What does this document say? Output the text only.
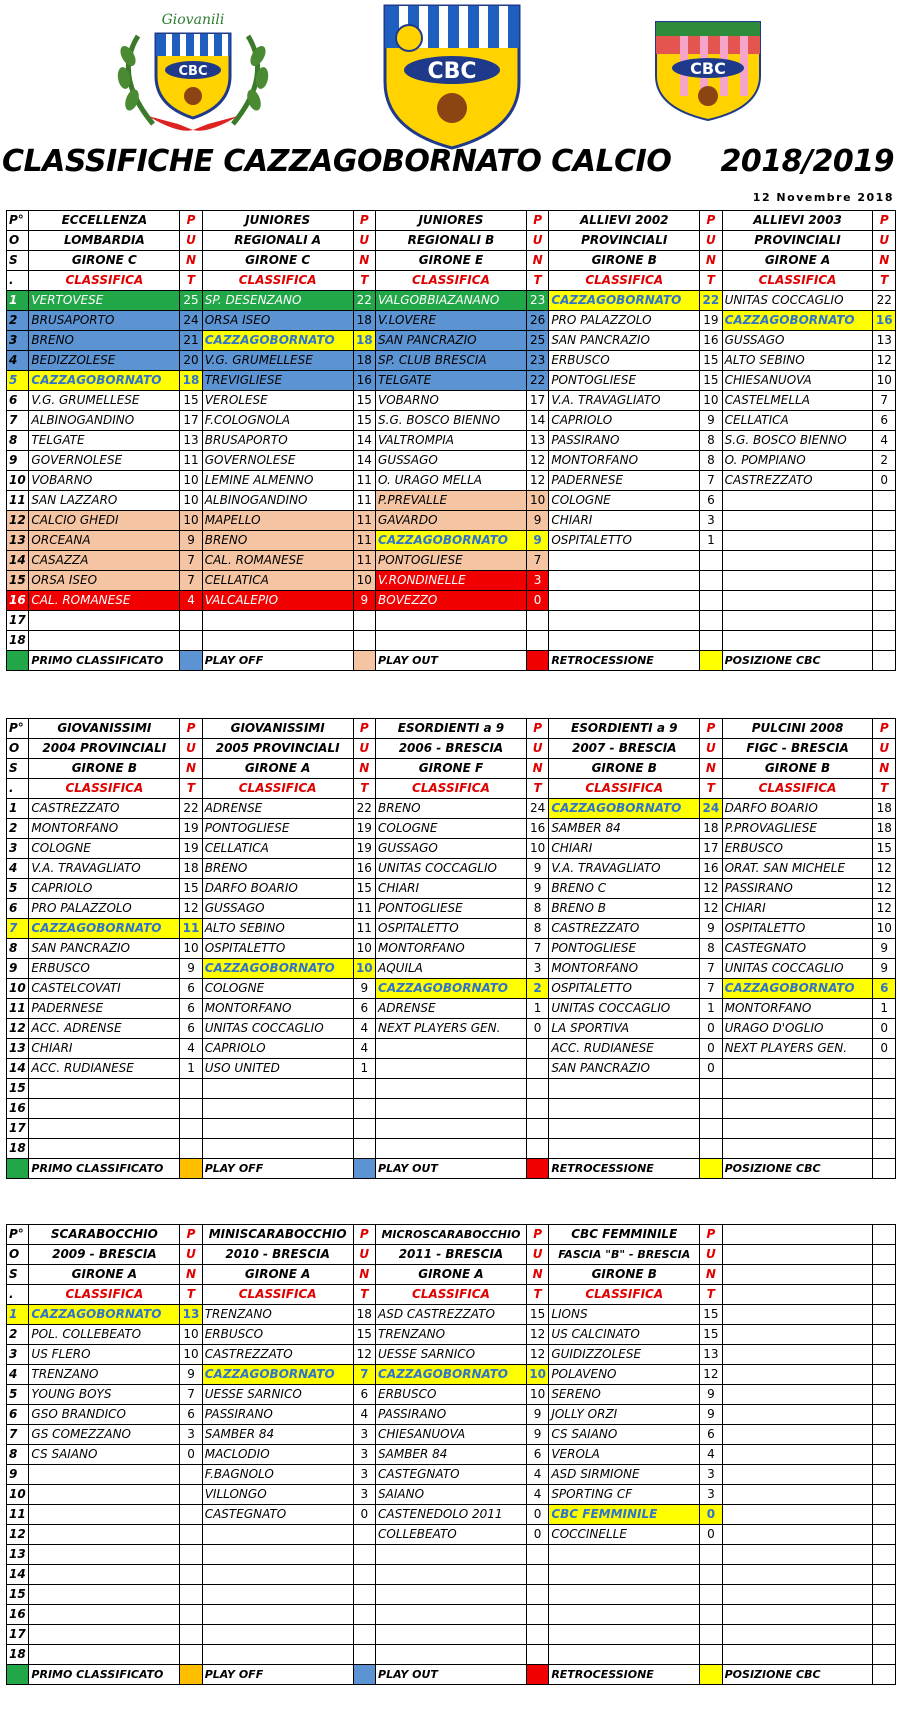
CBC
Giovanili
CBC	CBC
CLASSIFICHE CAZZAGOBORNATO CALCIO 2018/2019
12 Novembre 2018
P°	ECCELLENZA	P	JUNIORES	P	JUNIORES	P	ALLIEVI 2002	P	ALLIEVI 2003	P
O	LOMBARDIA	U	REGIONALI A	U	REGIONALI B	U	PROVINCIALI	U	PROVINCIALI	U
S	GIRONE C	N	GIRONE C	N	GIRONE E	N	GIRONE B	N	GIRONE A	N
.	CLASSIFICA	T	CLASSIFICA	T	CLASSIFICA	T	CLASSIFICA	T	CLASSIFICA	T
1	VERTOVESE	25	SP. DESENZANO	22	VALGOBBIAZANANO	23	CAZZAGOBORNATO	22	UNITAS COCCAGLIO	22
2	BRUSAPORTO	24	ORSA ISEO	18	V.LOVERE	26	PRO PALAZZOLO	19	CAZZAGOBORNATO	16
3	BRENO	21	CAZZAGOBORNATO	18	SAN PANCRAZIO	25	SAN PANCRAZIO	16	GUSSAGO	13
4	BEDIZZOLESE	20	V.G. GRUMELLESE	18	SP. CLUB BRESCIA	23	ERBUSCO	15	ALTO SEBINO	12
5	CAZZAGOBORNATO	18	TREVIGLIESE	16	TELGATE	22	PONTOGLIESE	15	CHIESANUOVA	10
6	V.G. GRUMELLESE	15	VEROLESE	15	VOBARNO	17	V.A. TRAVAGLIATO	10	CASTELMELLA	7
7	ALBINOGANDINO	17	F.COLOGNOLA	15	S.G. BOSCO BIENNO	14	CAPRIOLO	9	CELLATICA	6
8	TELGATE	13	BRUSAPORTO	14	VALTROMPIA	13	PASSIRANO	8	S.G. BOSCO BIENNO	4
9	GOVERNOLESE	11	GOVERNOLESE	14	GUSSAGO	12	MONTORFANO	8	O. POMPIANO	2
10	VOBARNO	10	LEMINE ALMENNO	11	O. URAGO MELLA	12	PADERNESE	7	CASTREZZATO	0
11	SAN LAZZARO	10	ALBINOGANDINO	11	P.PREVALLE	10	COLOGNE	6		
12	CALCIO GHEDI	10	MAPELLO	11	GAVARDO	9	CHIARI	3		
13	ORCEANA	9	BRENO	11	CAZZAGOBORNATO	9	OSPITALETTO	1		
14	CASAZZA	7	CAL. ROMANESE	11	PONTOGLIESE	7				
15	ORSA ISEO	7	CELLATICA	10	V.RONDINELLE	3				
16	CAL. ROMANESE	4	VALCALEPIO	9	BOVEZZO	0				
17										
18										
	PRIMO CLASSIFICATO		PLAY OFF		PLAY OUT		RETROCESSIONE		POSIZIONE CBC	
P°	GIOVANISSIMI	P	GIOVANISSIMI	P	ESORDIENTI a 9	P	ESORDIENTI a 9	P	PULCINI 2008	P
O	2004 PROVINCIALI	U	2005 PROVINCIALI	U	2006 - BRESCIA	U	2007 - BRESCIA	U	FIGC - BRESCIA	U
S	GIRONE B	N	GIRONE A	N	GIRONE F	N	GIRONE B	N	GIRONE B	N
.	CLASSIFICA	T	CLASSIFICA	T	CLASSIFICA	T	CLASSIFICA	T	CLASSIFICA	T
1	CASTREZZATO	22	ADRENSE	22	BRENO	24	CAZZAGOBORNATO	24	DARFO BOARIO	18
2	MONTORFANO	19	PONTOGLIESE	19	COLOGNE	16	SAMBER 84	18	P.PROVAGLIESE	18
3	COLOGNE	19	CELLATICA	19	GUSSAGO	10	CHIARI	17	ERBUSCO	15
4	V.A. TRAVAGLIATO	18	BRENO	16	UNITAS COCCAGLIO	9	V.A. TRAVAGLIATO	16	ORAT. SAN MICHELE	12
5	CAPRIOLO	15	DARFO BOARIO	15	CHIARI	9	BRENO C	12	PASSIRANO	12
6	PRO PALAZZOLO	12	GUSSAGO	11	PONTOGLIESE	8	BRENO B	12	CHIARI	12
7	CAZZAGOBORNATO	11	ALTO SEBINO	11	OSPITALETTO	8	CASTREZZATO	9	OSPITALETTO	10
8	SAN PANCRAZIO	10	OSPITALETTO	10	MONTORFANO	7	PONTOGLIESE	8	CASTEGNATO	9
9	ERBUSCO	9	CAZZAGOBORNATO	10	AQUILA	3	MONTORFANO	7	UNITAS COCCAGLIO	9
10	CASTELCOVATI	6	COLOGNE	9	CAZZAGOBORNATO	2	OSPITALETTO	7	CAZZAGOBORNATO	6
11	PADERNESE	6	MONTORFANO	6	ADRENSE	1	UNITAS COCCAGLIO	1	MONTORFANO	1
12	ACC. ADRENSE	6	UNITAS COCCAGLIO	4	NEXT PLAYERS GEN.	0	LA SPORTIVA	0	URAGO D'OGLIO	0
13	CHIARI	4	CAPRIOLO	4			ACC. RUDIANESE	0	NEXT PLAYERS GEN.	0
14	ACC. RUDIANESE	1	USO UNITED	1			SAN PANCRAZIO	0		
15										
16										
17										
18										
	PRIMO CLASSIFICATO		PLAY OFF		PLAY OUT		RETROCESSIONE		POSIZIONE CBC	
P°	SCARABOCCHIO	P	MINISCARABOCCHIO	P	MICROSCARABOCCHIO	P	CBC FEMMINILE	P		
O	2009 - BRESCIA	U	2010 - BRESCIA	U	2011 - BRESCIA	U	FASCIA "B" - BRESCIA	U		
S	GIRONE A	N	GIRONE A	N	GIRONE A	N	GIRONE B	N		
.	CLASSIFICA	T	CLASSIFICA	T	CLASSIFICA	T	CLASSIFICA	T		
1	CAZZAGOBORNATO	13	TRENZANO	18	ASD CASTREZZATO	15	LIONS	15		
2	POL. COLLEBEATO	10	ERBUSCO	15	TRENZANO	12	US CALCINATO	15		
3	US FLERO	10	CASTREZZATO	12	UESSE SARNICO	12	GUIDIZZOLESE	13		
4	TRENZANO	9	CAZZAGOBORNATO	7	CAZZAGOBORNATO	10	POLAVENO	12		
5	YOUNG BOYS	7	UESSE SARNICO	6	ERBUSCO	10	SERENO	9		
6	GSO BRANDICO	6	PASSIRANO	4	PASSIRANO	9	JOLLY ORZI	9		
7	GS COMEZZANO	3	SAMBER 84	3	CHIESANUOVA	9	CS SAIANO	6		
8	CS SAIANO	0	MACLODIO	3	SAMBER 84	6	VEROLA	4		
9			F.BAGNOLO	3	CASTEGNATO	4	ASD SIRMIONE	3		
10			VILLONGO	3	SAIANO	4	SPORTING CF	3		
11			CASTEGNATO	0	CASTENEDOLO 2011	0	CBC FEMMINILE	0		
12					COLLEBEATO	0	COCCINELLE	0		
13										
14										
15										
16										
17										
18										
	PRIMO CLASSIFICATO		PLAY OFF		PLAY OUT		RETROCESSIONE		POSIZIONE CBC	
